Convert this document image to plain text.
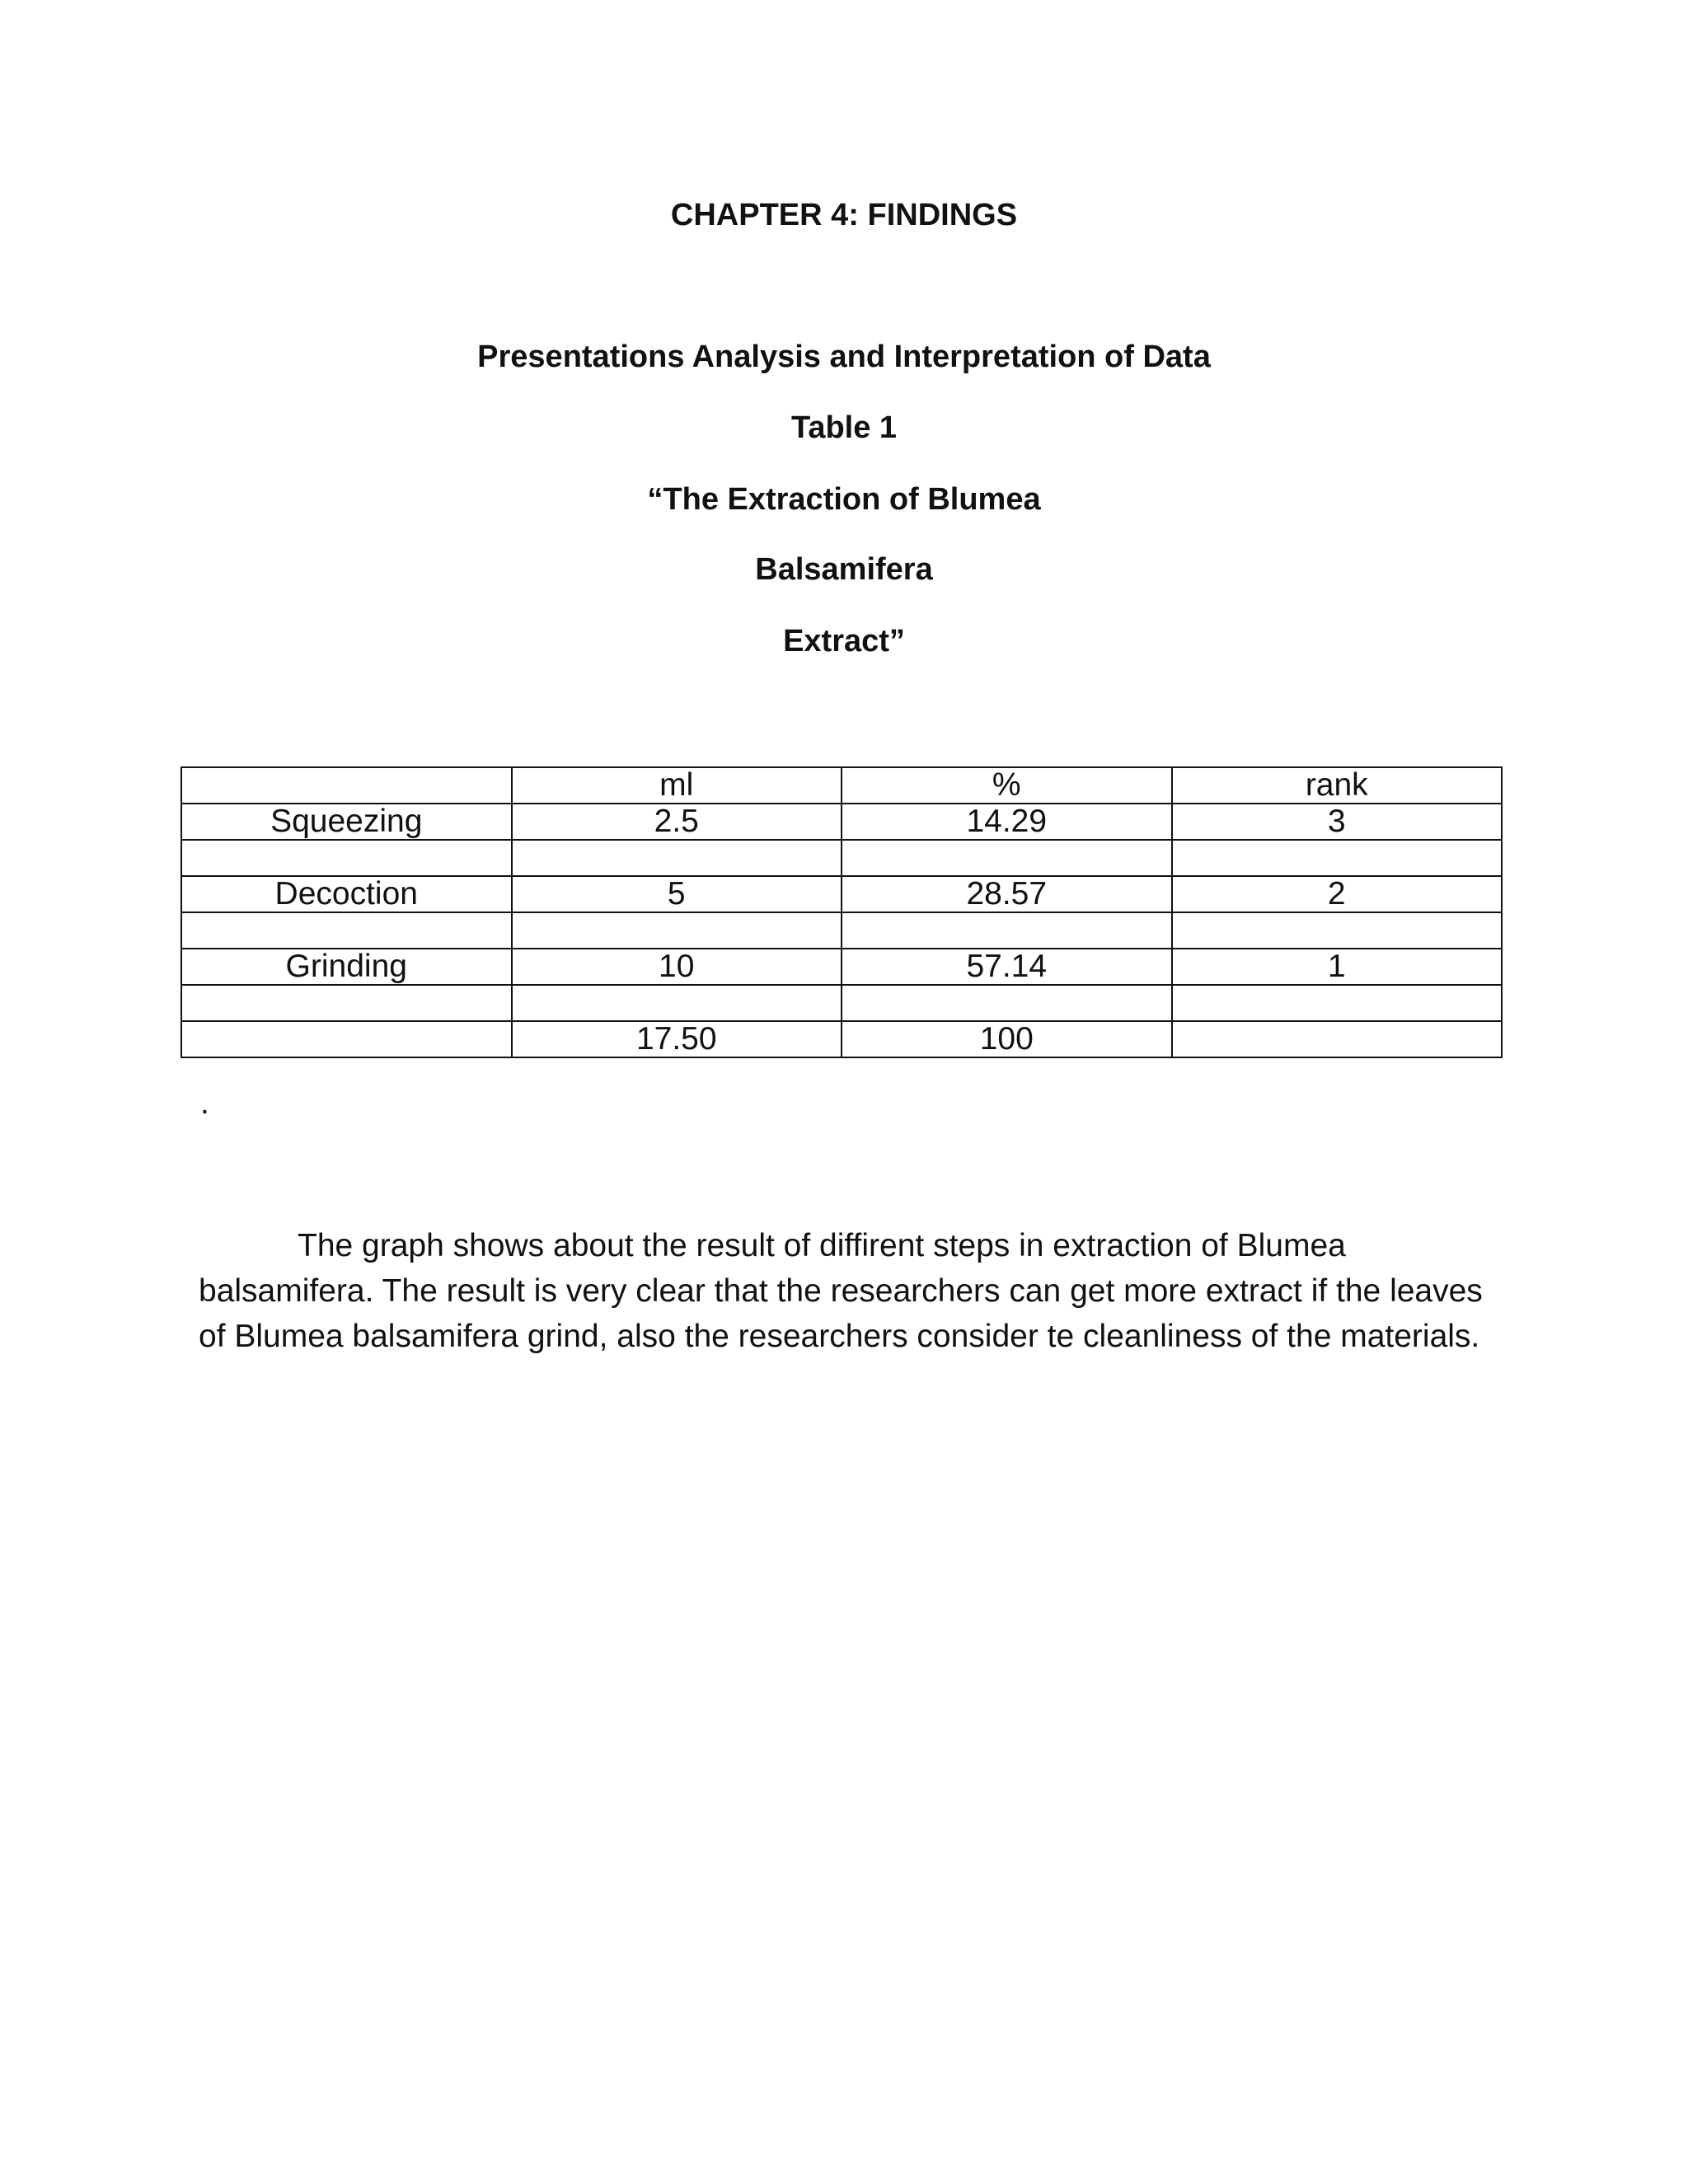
CHAPTER 4: FINDINGS
Presentations Analysis and Interpretation of Data
Table 1
“The Extraction of Blumea
Balsamifera
Extract”
	ml	%	rank
Squeezing	2.5	14.29	3

Decoction	5	28.57	2

Grinding	10	57.14	1

	17.50	100	
.

The graph shows about the result of diffirent steps in extraction of Blumea balsamifera. The result is very clear that the researchers can get more extract if the leaves of Blumea balsamifera grind, also the researchers consider te cleanliness of the materials.
